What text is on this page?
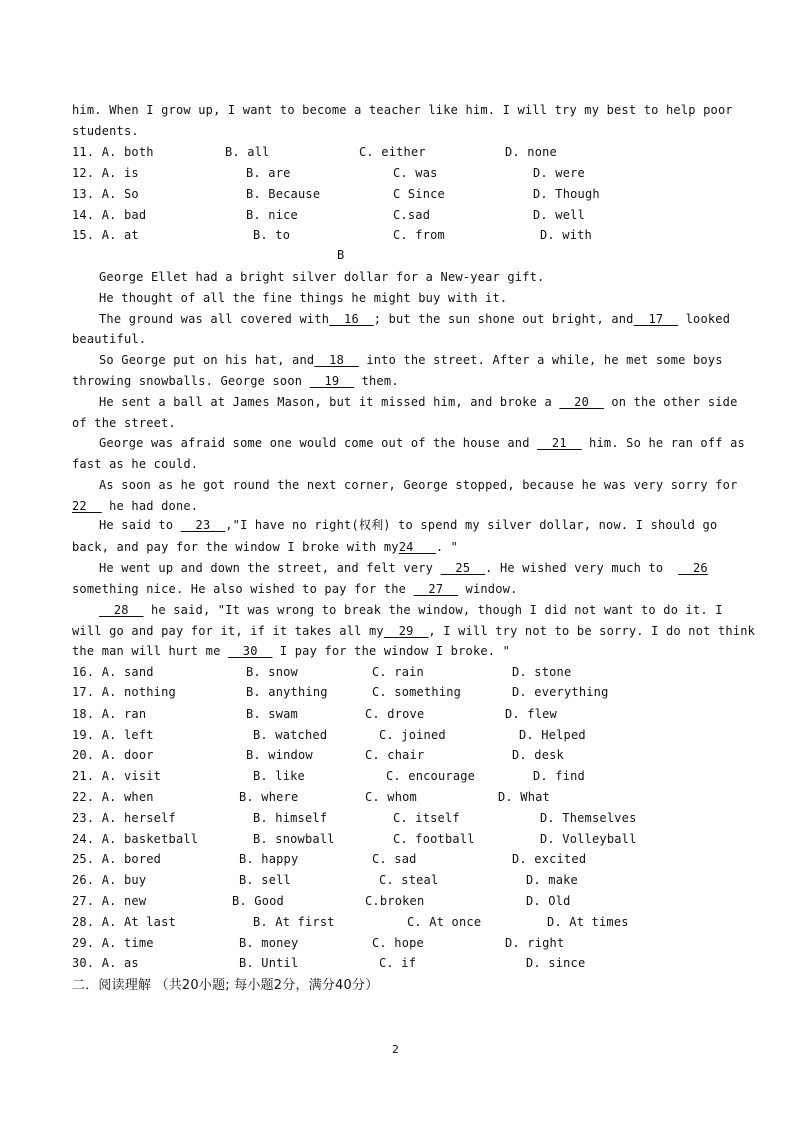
him. When I grow up, I want to become a teacher like him. I will try my best to help poor
students.
11. A. both	B. all	C. either	D. none
12. A. is	B. are	C. was	D. were
13. A. So	B. Because	C Since	D. Though
14. A. bad	B. nice	C.sad	D. well
15. A. at	B. to	C. from	D. with
B
George Ellet had a bright silver dollar for a New-year gift.
He thought of all the fine things he might buy with it.
The ground was all covered with  16  ; but the sun shone out bright, and  17   looked
beautiful.
So George put on his hat, and  18   into the street. After a while, he met some boys
throwing snowballs. George soon   19   them.
He sent a ball at James Mason, but it missed him, and broke a   20   on the other side
of the street.
George was afraid some one would come out of the house and   21   him. So he ran off as
fast as he could.
As soon as he got round the next corner, George stopped, because he was very sorry for
22   he had done.
He said to   23  ,"I have no right(权利) to spend my silver dollar, now. I should go
back, and pay for the window I broke with my24   . "
He went up and down the street, and felt very   25  . He wished very much to    26
something nice. He also wished to pay for the   27   window.
28   he said, "It was wrong to break the window, though I did not want to do it. I
will go and pay for it, if it takes all my  29  , I will try not to be sorry. I do not think
the man will hurt me   30   I pay for the window I broke. "
16. A. sand	B. snow	C. rain	D. stone
17. A. nothing	B. anything	C. something	D. everything
18. A. ran	B. swam	C. drove	D. flew
19. A. left	B. watched	C. joined	D. Helped
20. A. door	B. window	C. chair	D. desk
21. A. visit	B. like	C. encourage	D. find
22. A. when	B. where	C. whom	D. What
23. A. herself	B. himself	C. itself	D. Themselves
24. A. basketball	B. snowball	C. football	D. Volleyball
25. A. bored	B. happy	C. sad	D. excited
26. A. buy	B. sell	C. steal	D. make
27. A. new	B. Good	C.broken	D. Old
28. A. At last	B. At first	C. At once	D. At times
29. A. time	B. money	C. hope	D. right
30. A. as	B. Until	C. if	D. since
二．阅读理解 （共20小题; 每小题2分，满分40分）
2
